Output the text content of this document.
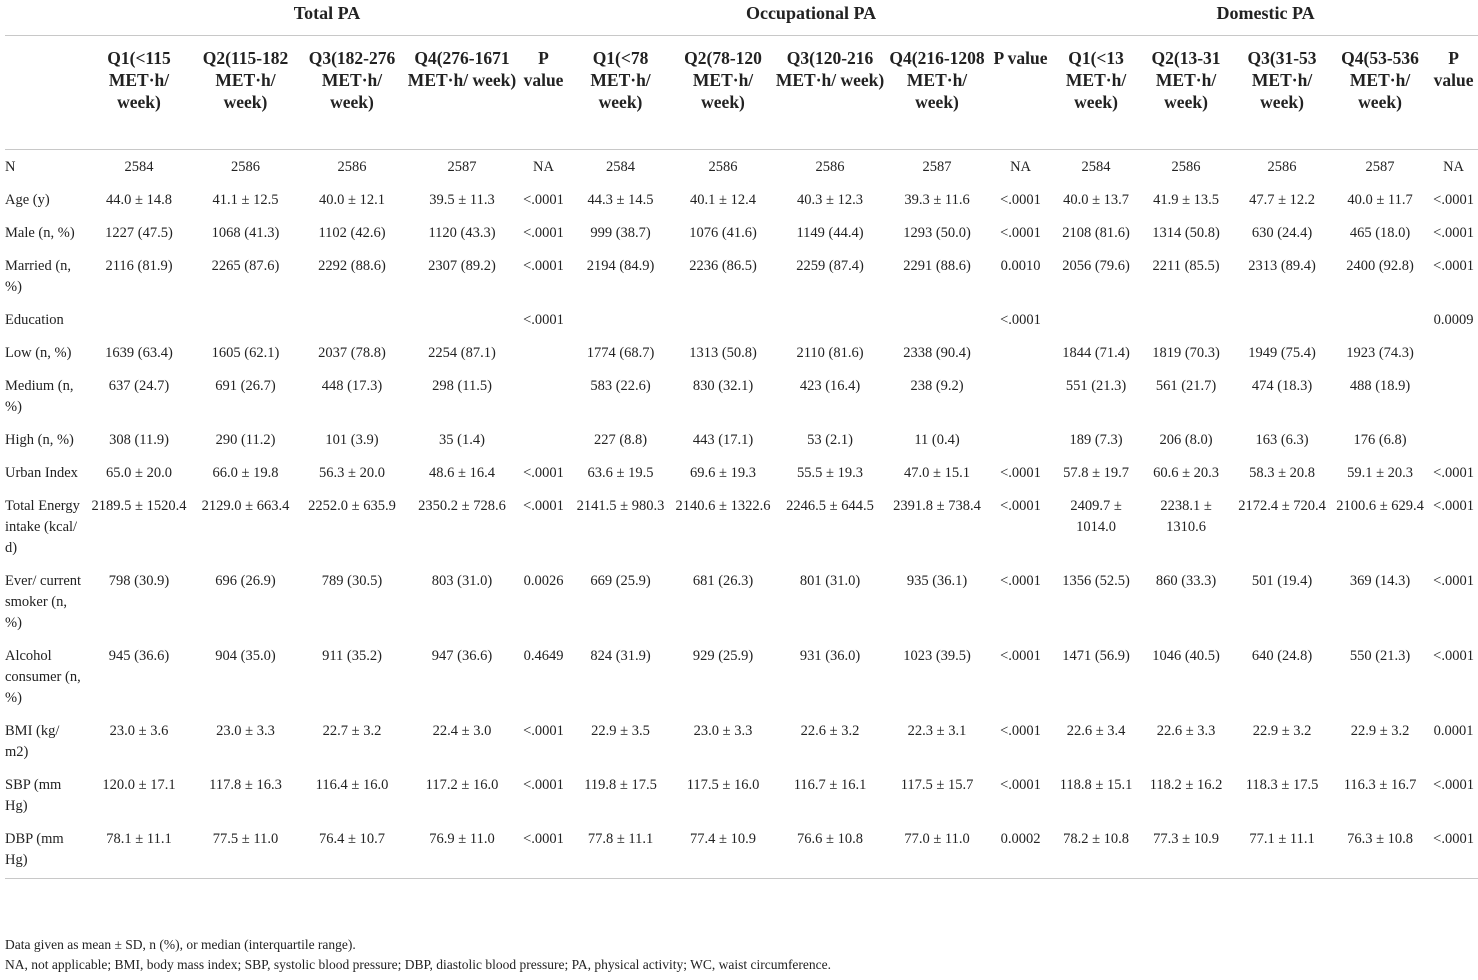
	Total PA					Occupational PA					Domestic PA				
	Q1(<115 MET·h/ week)	Q2(115-182 MET·h/ week)	Q3(182-276 MET·h/ week)	Q4(276-1671 MET·h/ week)	P value	Q1(<78 MET·h/ week)	Q2(78-120 MET·h/ week)	Q3(120-216 MET·h/ week)	Q4(216-1208 MET·h/ week)	P value	Q1(<13 MET·h/ week)	Q2(13-31 MET·h/ week)	Q3(31-53 MET·h/ week)	Q4(53-536 MET·h/ week)	P value
N	2584	2586	2586	2587	NA	2584	2586	2586	2587	NA	2584	2586	2586	2587	NA
Age (y)	44.0 ± 14.8	41.1 ± 12.5	40.0 ± 12.1	39.5 ± 11.3	<.0001	44.3 ± 14.5	40.1 ± 12.4	40.3 ± 12.3	39.3 ± 11.6	<.0001	40.0 ± 13.7	41.9 ± 13.5	47.7 ± 12.2	40.0 ± 11.7	<.0001
Male (n, %)	1227 (47.5)	1068 (41.3)	1102 (42.6)	1120 (43.3)	<.0001	999 (38.7)	1076 (41.6)	1149 (44.4)	1293 (50.0)	<.0001	2108 (81.6)	1314 (50.8)	630 (24.4)	465 (18.0)	<.0001
Married (n, %)	2116 (81.9)	2265 (87.6)	2292 (88.6)	2307 (89.2)	<.0001	2194 (84.9)	2236 (86.5)	2259 (87.4)	2291 (88.6)	0.0010	2056 (79.6)	2211 (85.5)	2313 (89.4)	2400 (92.8)	<.0001
Education					<.0001					<.0001					0.0009
Low (n, %)	1639 (63.4)	1605 (62.1)	2037 (78.8)	2254 (87.1)		1774 (68.7)	1313 (50.8)	2110 (81.6)	2338 (90.4)		1844 (71.4)	1819 (70.3)	1949 (75.4)	1923 (74.3)	
Medium (n, %)	637 (24.7)	691 (26.7)	448 (17.3)	298 (11.5)		583 (22.6)	830 (32.1)	423 (16.4)	238 (9.2)		551 (21.3)	561 (21.7)	474 (18.3)	488 (18.9)	
High (n, %)	308 (11.9)	290 (11.2)	101 (3.9)	35 (1.4)		227 (8.8)	443 (17.1)	53 (2.1)	11 (0.4)		189 (7.3)	206 (8.0)	163 (6.3)	176 (6.8)	
Urban Index	65.0 ± 20.0	66.0 ± 19.8	56.3 ± 20.0	48.6 ± 16.4	<.0001	63.6 ± 19.5	69.6 ± 19.3	55.5 ± 19.3	47.0 ± 15.1	<.0001	57.8 ± 19.7	60.6 ± 20.3	58.3 ± 20.8	59.1 ± 20.3	<.0001
Total Energy intake (kcal/ d)	2189.5 ± 1520.4	2129.0 ± 663.4	2252.0 ± 635.9	2350.2 ± 728.6	<.0001	2141.5 ± 980.3	2140.6 ± 1322.6	2246.5 ± 644.5	2391.8 ± 738.4	<.0001	2409.7 ± 1014.0	2238.1 ± 1310.6	2172.4 ± 720.4	2100.6 ± 629.4	<.0001
Ever/ current smoker (n, %)	798 (30.9)	696 (26.9)	789 (30.5)	803 (31.0)	0.0026	669 (25.9)	681 (26.3)	801 (31.0)	935 (36.1)	<.0001	1356 (52.5)	860 (33.3)	501 (19.4)	369 (14.3)	<.0001
Alcohol consumer (n, %)	945 (36.6)	904 (35.0)	911 (35.2)	947 (36.6)	0.4649	824 (31.9)	929 (25.9)	931 (36.0)	1023 (39.5)	<.0001	1471 (56.9)	1046 (40.5)	640 (24.8)	550 (21.3)	<.0001
BMI (kg/ m2)	23.0 ± 3.6	23.0 ± 3.3	22.7 ± 3.2	22.4 ± 3.0	<.0001	22.9 ± 3.5	23.0 ± 3.3	22.6 ± 3.2	22.3 ± 3.1	<.0001	22.6 ± 3.4	22.6 ± 3.3	22.9 ± 3.2	22.9 ± 3.2	0.0001
SBP (mm Hg)	120.0 ± 17.1	117.8 ± 16.3	116.4 ± 16.0	117.2 ± 16.0	<.0001	119.8 ± 17.5	117.5 ± 16.0	116.7 ± 16.1	117.5 ± 15.7	<.0001	118.8 ± 15.1	118.2 ± 16.2	118.3 ± 17.5	116.3 ± 16.7	<.0001
DBP (mm Hg)	78.1 ± 11.1	77.5 ± 11.0	76.4 ± 10.7	76.9 ± 11.0	<.0001	77.8 ± 11.1	77.4 ± 10.9	76.6 ± 10.8	77.0 ± 11.0	0.0002	78.2 ± 10.8	77.3 ± 10.9	77.1 ± 11.1	76.3 ± 10.8	<.0001
Data given as mean ± SD, n (%), or median (interquartile range).
NA, not applicable; BMI, body mass index; SBP, systolic blood pressure; DBP, diastolic blood pressure; PA, physical activity; WC, waist circumference.
